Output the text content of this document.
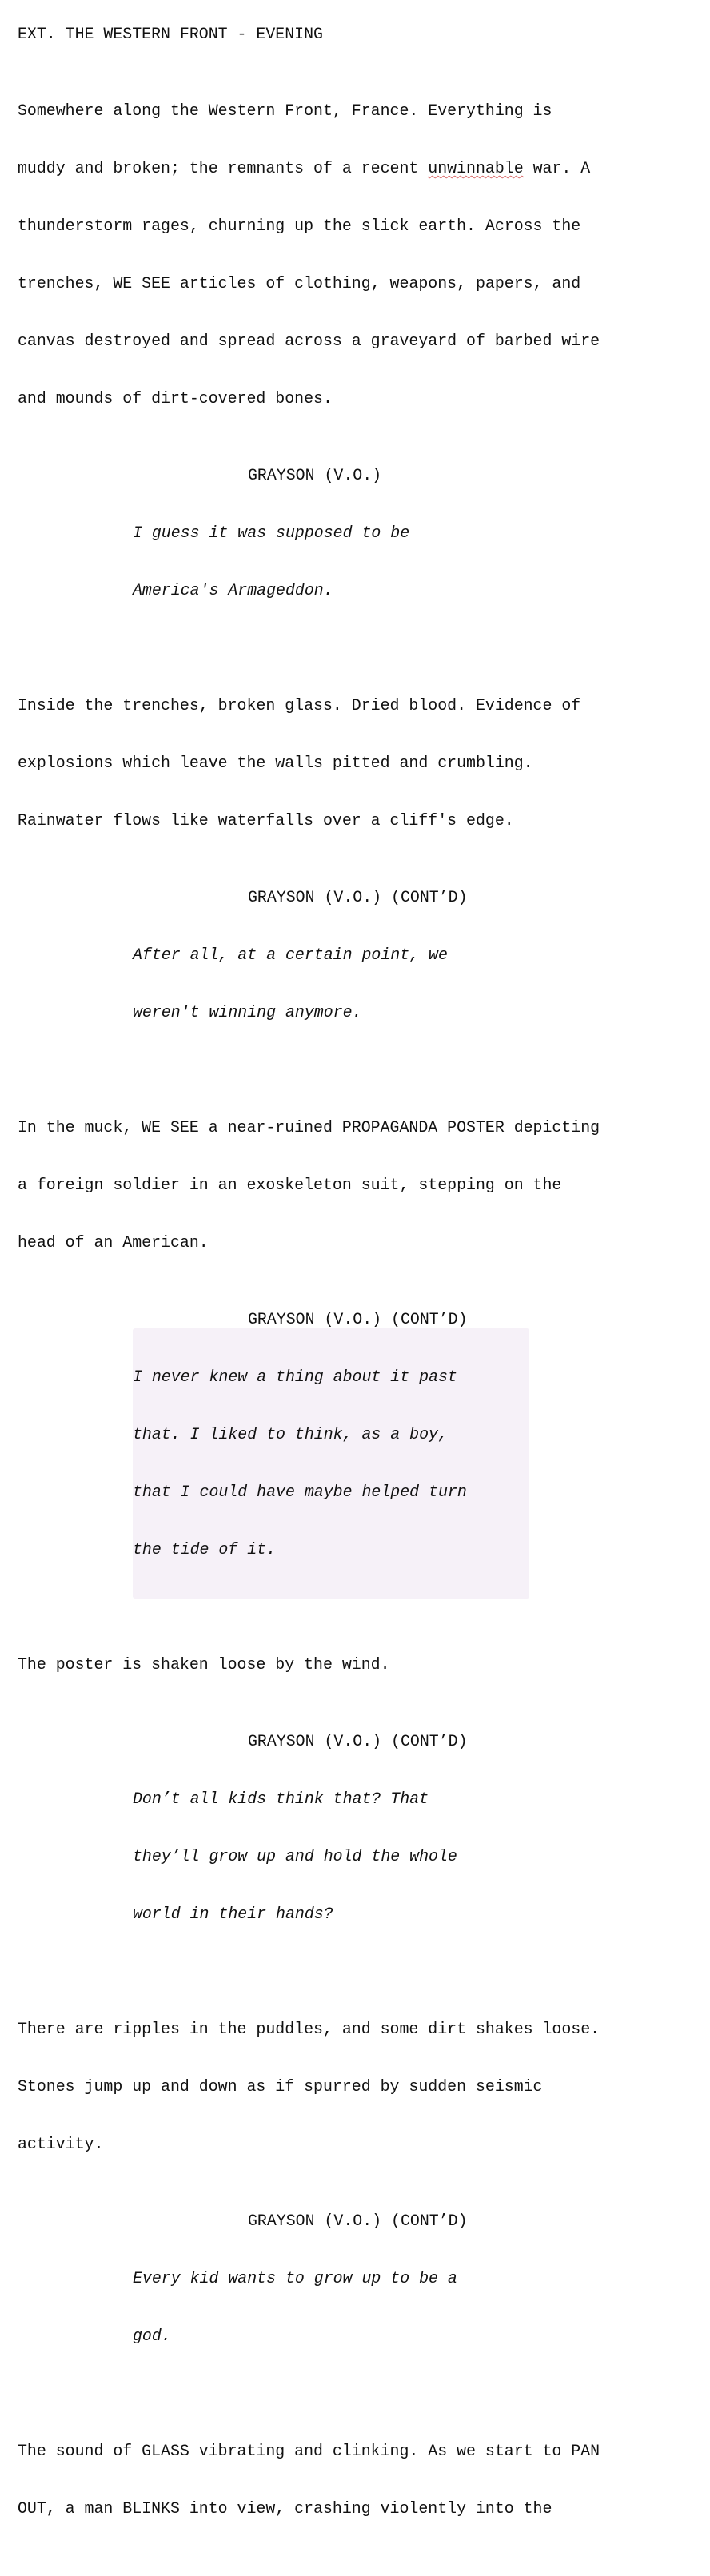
EXT. THE WESTERN FRONT - EVENING

Somewhere along the Western Front, France. Everything is

muddy and broken; the remnants of a recent unwinnable war. A

thunderstorm rages, churning up the slick earth. Across the

trenches, WE SEE articles of clothing, weapons, papers, and

canvas destroyed and spread across a graveyard of barbed wire

and mounds of dirt-covered bones.

GRAYSON (V.O.)

I guess it was supposed to be

America's Armageddon.

Inside the trenches, broken glass. Dried blood. Evidence of

explosions which leave the walls pitted and crumbling.

Rainwater flows like waterfalls over a cliff's edge.

GRAYSON (V.O.) (CONT’D)

After all, at a certain point, we

weren't winning anymore.

In the muck, WE SEE a near-ruined PROPAGANDA POSTER depicting

a foreign soldier in an exoskeleton suit, stepping on the

head of an American.

GRAYSON (V.O.) (CONT’D)

I never knew a thing about it past

that. I liked to think, as a boy,

that I could have maybe helped turn

the tide of it.

The poster is shaken loose by the wind.

GRAYSON (V.O.) (CONT’D)

Don’t all kids think that? That

they’ll grow up and hold the whole

world in their hands?

There are ripples in the puddles, and some dirt shakes loose.

Stones jump up and down as if spurred by sudden seismic

activity.

GRAYSON (V.O.) (CONT’D)

Every kid wants to grow up to be a

god.

The sound of GLASS vibrating and clinking. As we start to PAN

OUT, a man BLINKS into view, crashing violently into the
